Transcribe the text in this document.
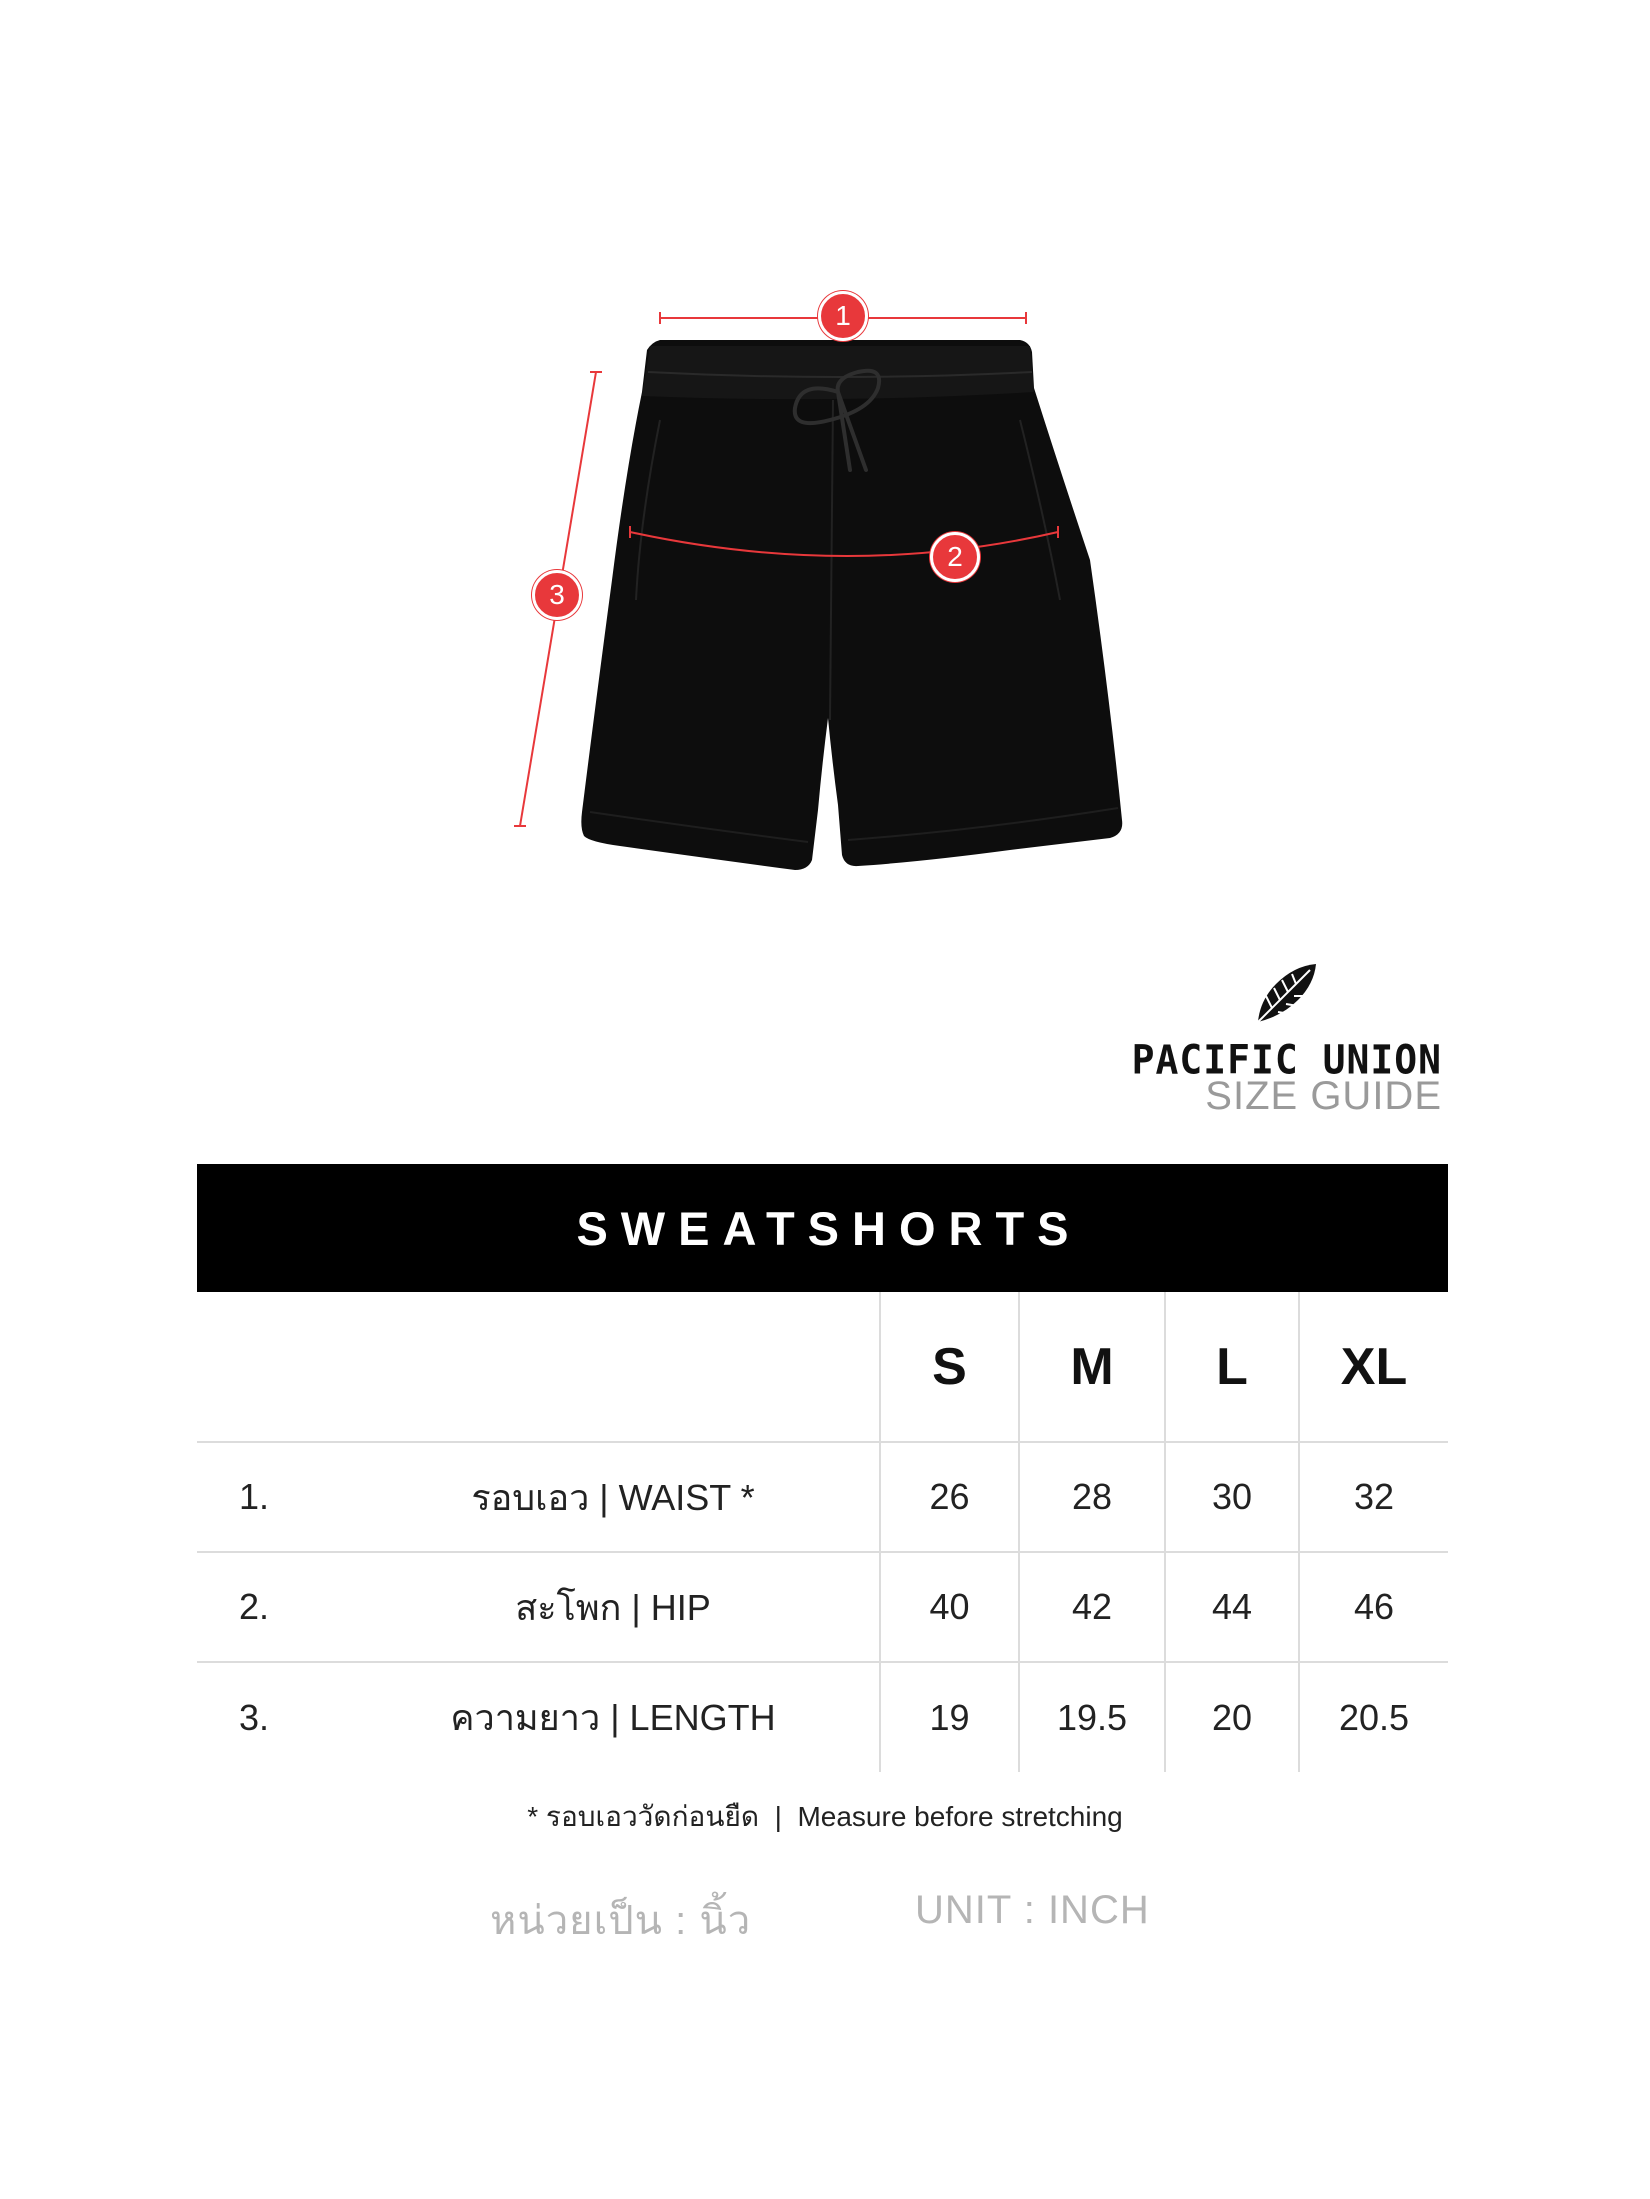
1
2
3
PACIFIC UNION
SIZE GUIDE
SWEATSHORTS
		S	M	L	XL
1.	รอบเอว | WAIST *	26	28	30	32
2.	สะโพก | HIP	40	42	44	46
3.	ความยาว | LENGTH	19	19.5	20	20.5
* รอบเอววัดก่อนยืด  |  Measure before stretching
หน่วยเป็น : นิ้ว	UNIT : INCH
